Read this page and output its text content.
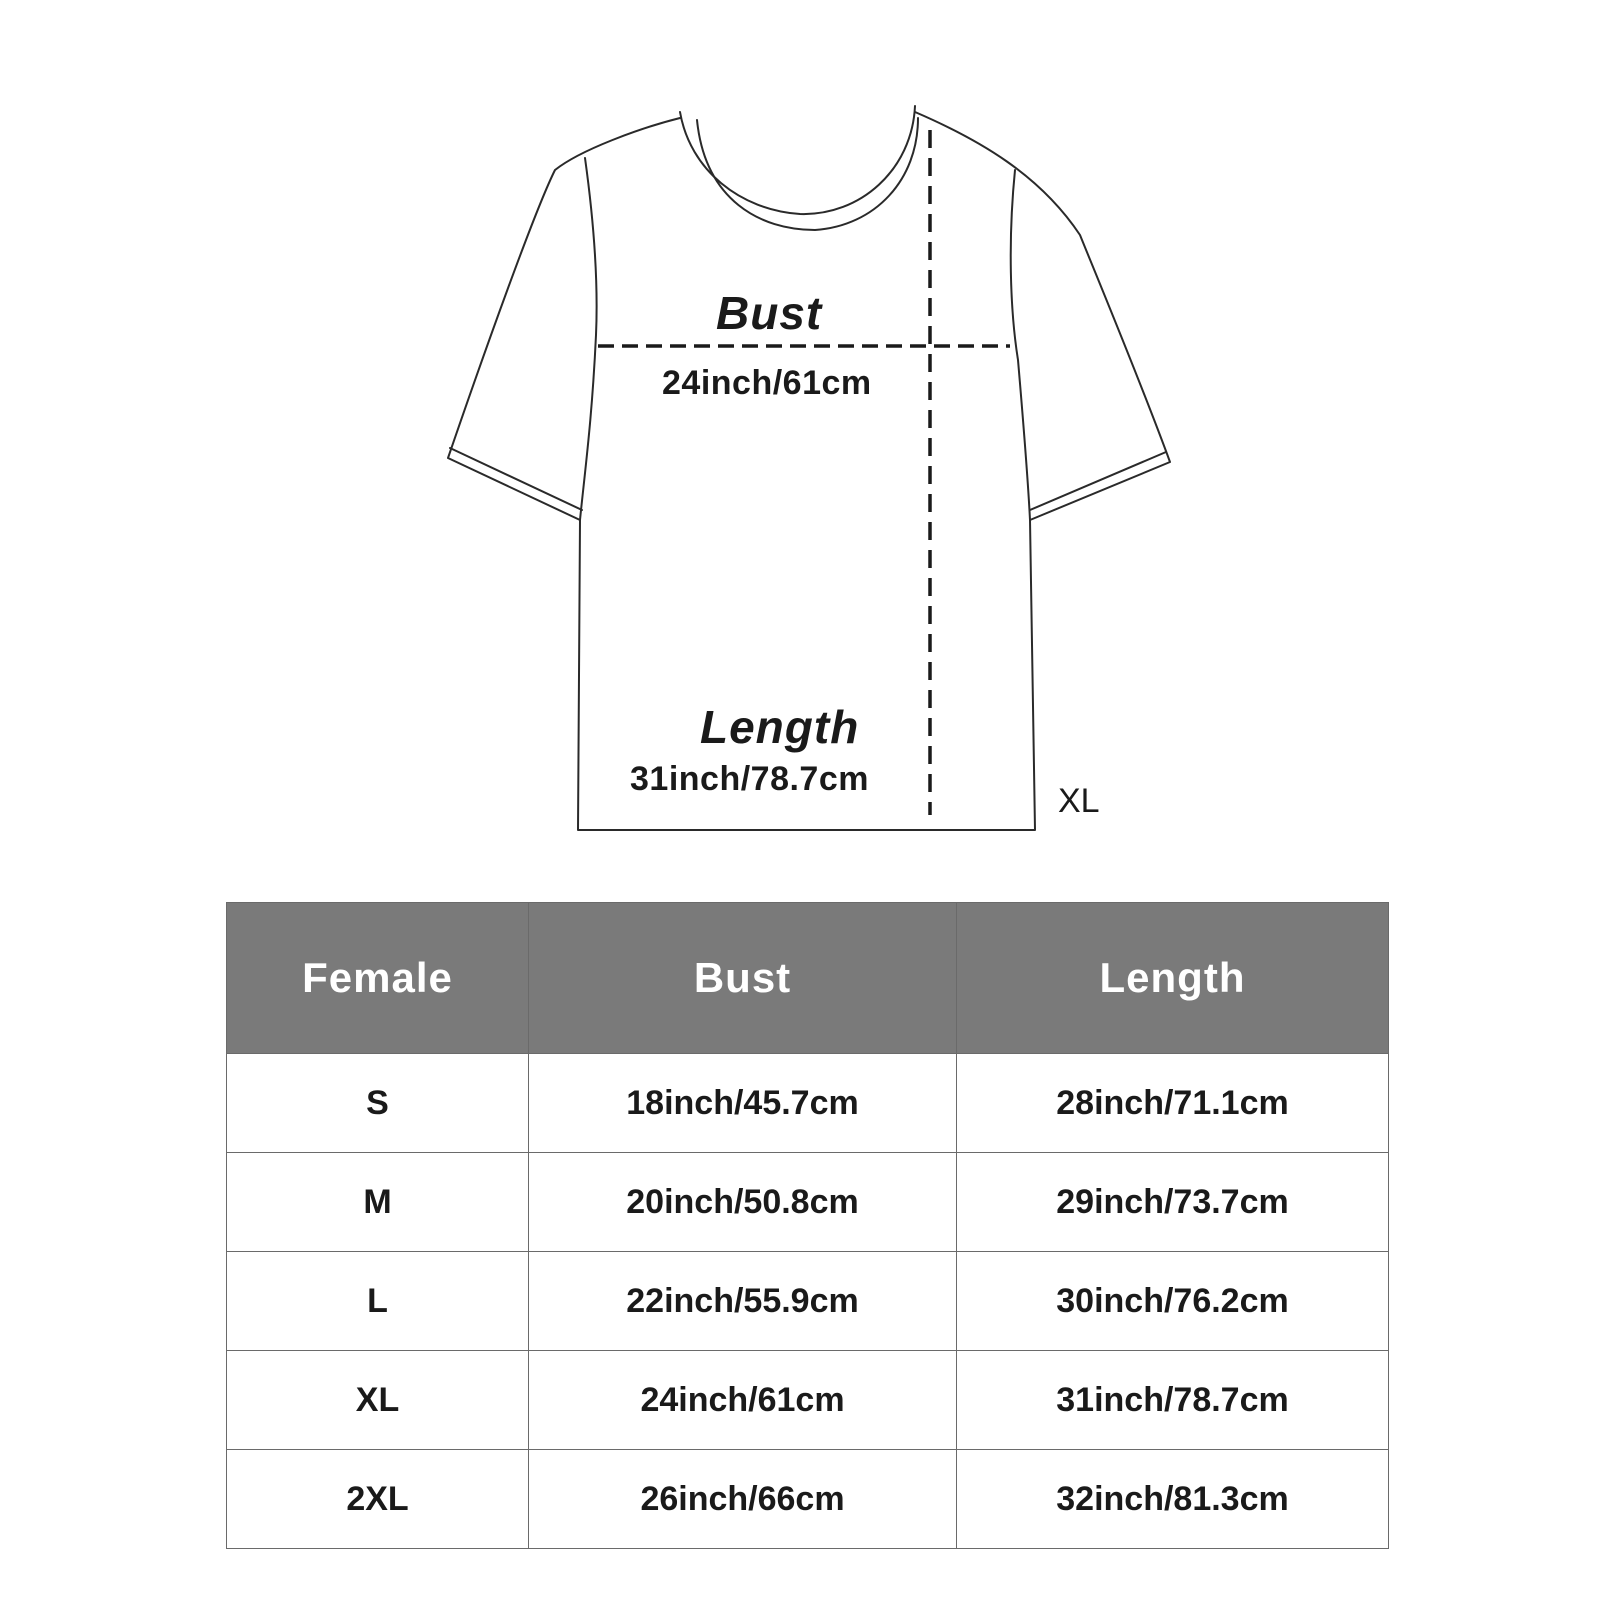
Bust
24inch/61cm
Length
31inch/78.7cm
XL
Female	Bust	Length
S	18inch/45.7cm	28inch/71.1cm
M	20inch/50.8cm	29inch/73.7cm
L	22inch/55.9cm	30inch/76.2cm
XL	24inch/61cm	31inch/78.7cm
2XL	26inch/66cm	32inch/81.3cm
